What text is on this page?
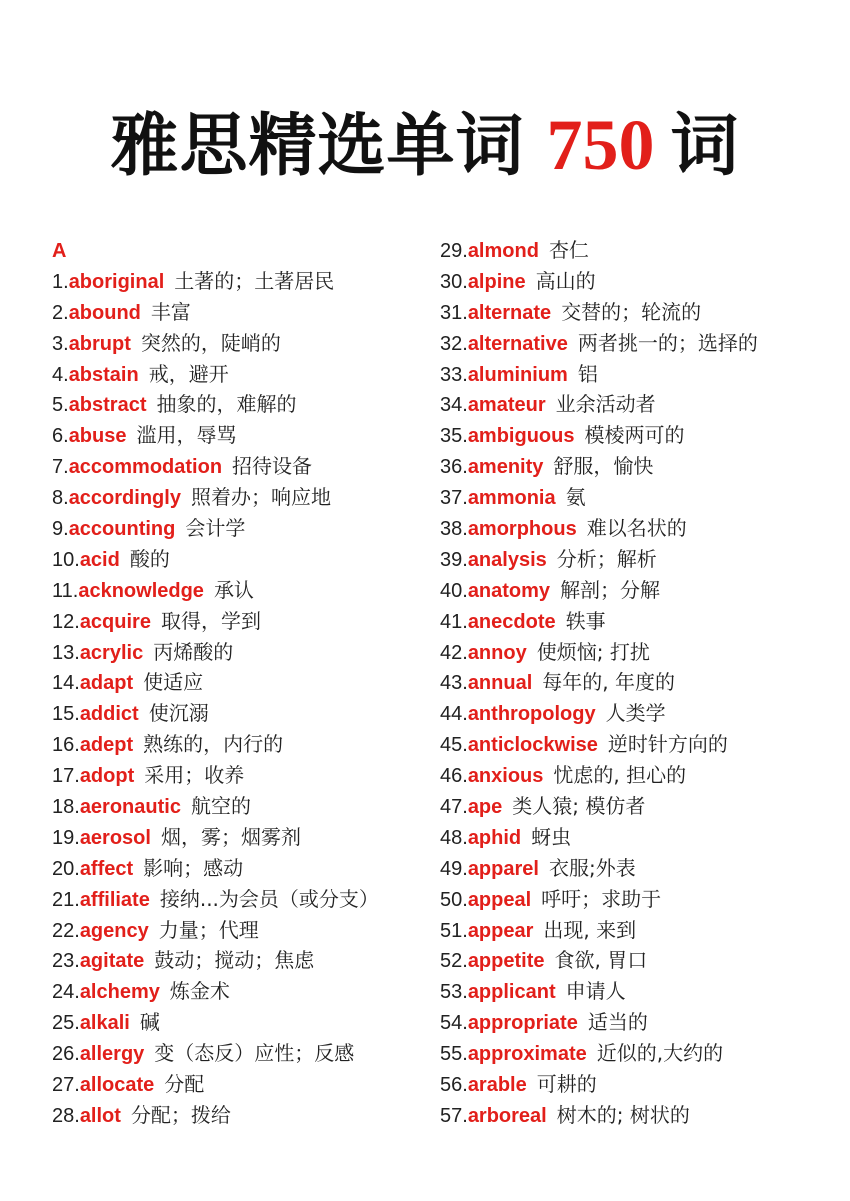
雅思精选单词 750 词
A
1.aboriginal 土著的；土著居民
2.abound 丰富
3.abrupt 突然的，陡峭的
4.abstain 戒，避开
5.abstract 抽象的，难解的
6.abuse 滥用，辱骂
7.accommodation 招待设备
8.accordingly 照着办；响应地
9.accounting 会计学
10.acid 酸的
11.acknowledge 承认
12.acquire 取得，学到
13.acrylic 丙烯酸的
14.adapt 使适应
15.addict 使沉溺
16.adept 熟练的，内行的
17.adopt 采用；收养
18.aeronautic 航空的
19.aerosol 烟，雾；烟雾剂
20.affect 影响；感动
21.affiliate 接纳...为会员（或分支）
22.agency 力量；代理
23.agitate 鼓动；搅动；焦虑
24.alchemy 炼金术
25.alkali 碱
26.allergy 变（态反）应性；反感
27.allocate 分配
28.allot 分配；拨给
29.almond 杏仁
30.alpine 高山的
31.alternate 交替的；轮流的
32.alternative 两者挑一的；选择的
33.aluminium 铝
34.amateur 业余活动者
35.ambiguous 模棱两可的
36.amenity 舒服，愉快
37.ammonia 氨
38.amorphous 难以名状的
39.analysis 分析；解析
40.anatomy 解剖；分解
41.anecdote 轶事
42.annoy 使烦恼; 打扰
43.annual 每年的, 年度的
44.anthropology 人类学
45.anticlockwise 逆时针方向的
46.anxious 忧虑的, 担心的
47.ape 类人猿; 模仿者
48.aphid 蚜虫
49.apparel 衣服;外表
50.appeal 呼吁；求助于
51.appear 出现, 来到
52.appetite 食欲, 胃口
53.applicant 申请人
54.appropriate 适当的
55.approximate 近似的,大约的
56.arable 可耕的
57.arboreal 树木的; 树状的
